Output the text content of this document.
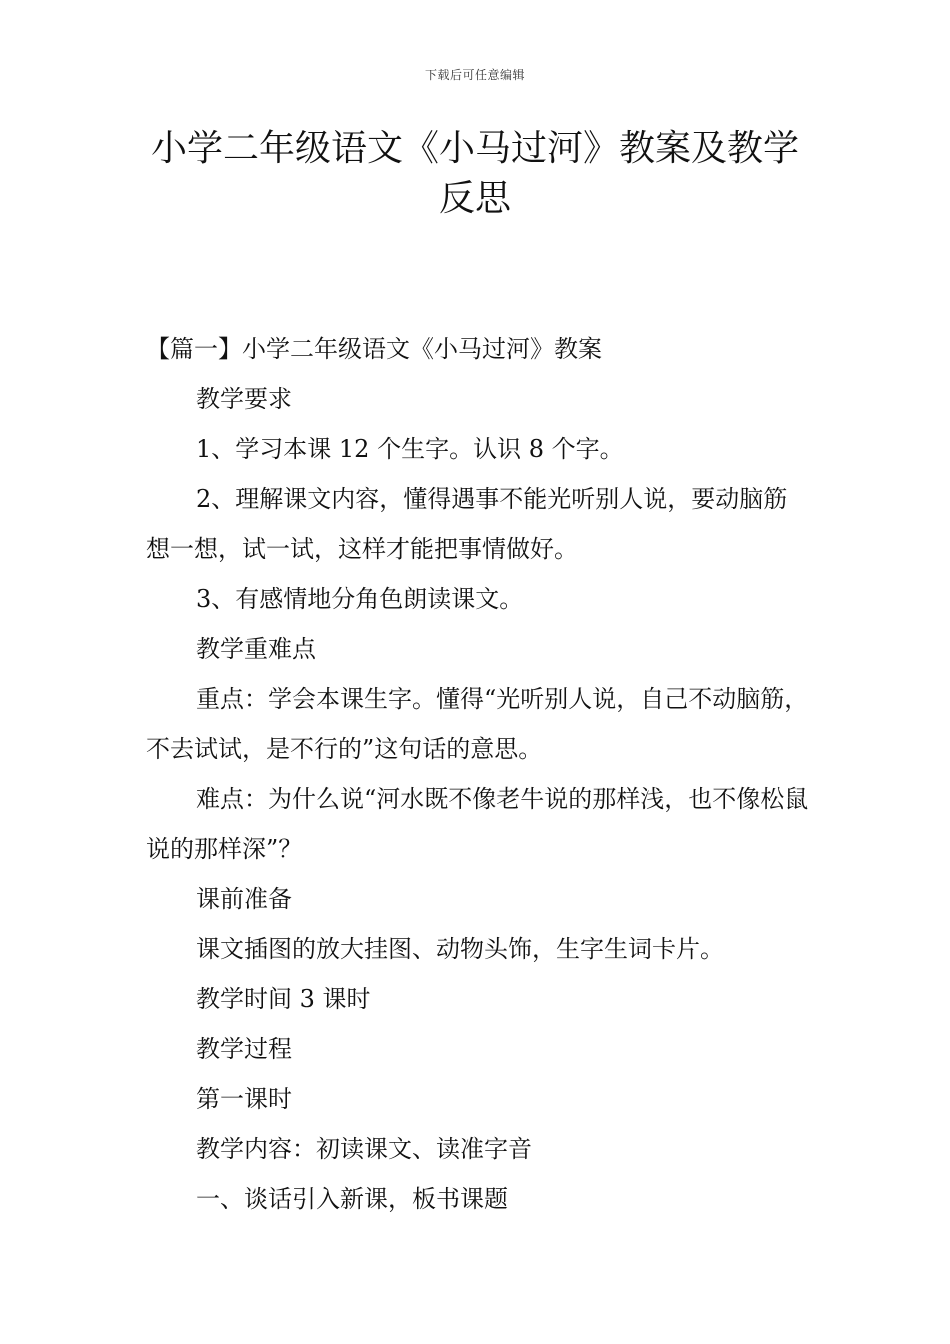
下载后可任意编辑
小学二年级语文《小马过河》教案及教学
反思

【篇一】小学二年级语文《小马过河》教案

教学要求

1、学习本课 12 个生字。认识 8 个字。

2、理解课文内容，懂得遇事不能光听别人说，要动脑筋想一想，试一试，这样才能把事情做好。

3、有感情地分角色朗读课文。

教学重难点

重点：学会本课生字。懂得“光听别人说，自己不动脑筋，不去试试，是不行的”这句话的意思。

难点：为什么说“河水既不像老牛说的那样浅，也不像松鼠说的那样深”？

课前准备

课文插图的放大挂图、动物头饰，生字生词卡片。

教学时间 3 课时

教学过程

第一课时

教学内容：初读课文、读准字音

一、谈话引入新课，板书课题
